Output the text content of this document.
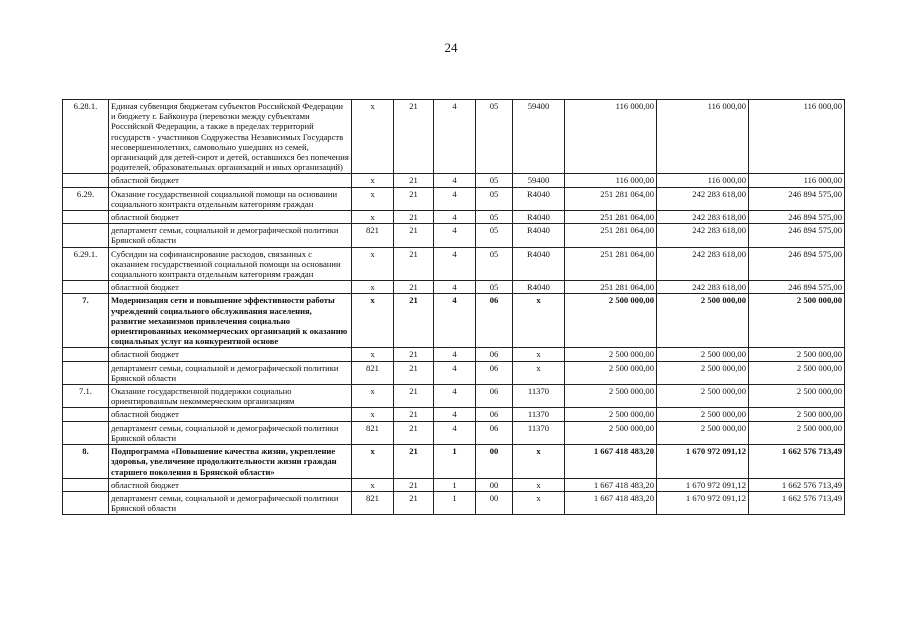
24
6.28.1.	Единая субвенция бюджетам субъектов Российской Федерации и бюджету г. Байконура (перевозки между субъектами Российской Федерации, а также в пределах территорий государств - участников Содружества Независимых Государств несовершеннолетних, самовольно ушедших из семей, организаций для детей-сирот и детей, оставшихся без попечения родителей, образовательных организаций и иных организаций)	x	21	4	05	59400	116 000,00	116 000,00	116 000,00
	областной бюджет	x	21	4	05	59400	116 000,00	116 000,00	116 000,00
6.29.	Оказание государственной социальной помощи на основании социального контракта отдельным категориям граждан	x	21	4	05	R4040	251 281 064,00	242 283 618,00	246 894 575,00
	областной бюджет	x	21	4	05	R4040	251 281 064,00	242 283 618,00	246 894 575,00
	департамент семьи, социальной и демографической политики Брянской области	821	21	4	05	R4040	251 281 064,00	242 283 618,00	246 894 575,00
6.29.1.	Субсидии на софинансирование расходов, связанных с оказанием государственной социальной помощи на основании социального контракта отдельным категориям граждан	x	21	4	05	R4040	251 281 064,00	242 283 618,00	246 894 575,00
	областной бюджет	x	21	4	05	R4040	251 281 064,00	242 283 618,00	246 894 575,00
7.	Модернизация сети и повышение эффективности работы учреждений социального обслуживания населения, развитие механизмов привлечения социально ориентированных некоммерческих организаций к оказанию социальных услуг на конкурентной основе	x	21	4	06	x	2 500 000,00	2 500 000,00	2 500 000,00
	областной бюджет	x	21	4	06	x	2 500 000,00	2 500 000,00	2 500 000,00
	департамент семьи, социальной и демографической политики Брянской области	821	21	4	06	x	2 500 000,00	2 500 000,00	2 500 000,00
7.1.	Оказание государственной поддержки социально ориентированным некоммерческим организациям	x	21	4	06	11370	2 500 000,00	2 500 000,00	2 500 000,00
	областной бюджет	x	21	4	06	11370	2 500 000,00	2 500 000,00	2 500 000,00
	департамент семьи, социальной и демографической политики Брянской области	821	21	4	06	11370	2 500 000,00	2 500 000,00	2 500 000,00
8.	Подпрограмма «Повышение качества жизни, укрепление здоровья, увеличение продолжительности жизни граждан старшего поколения в Брянской области»	x	21	1	00	x	1 667 418 483,20	1 670 972 091,12	1 662 576 713,49
	областной бюджет	x	21	1	00	x	1 667 418 483,20	1 670 972 091,12	1 662 576 713,49
	департамент семьи, социальной и демографической политики Брянской области	821	21	1	00	x	1 667 418 483,20	1 670 972 091,12	1 662 576 713,49
